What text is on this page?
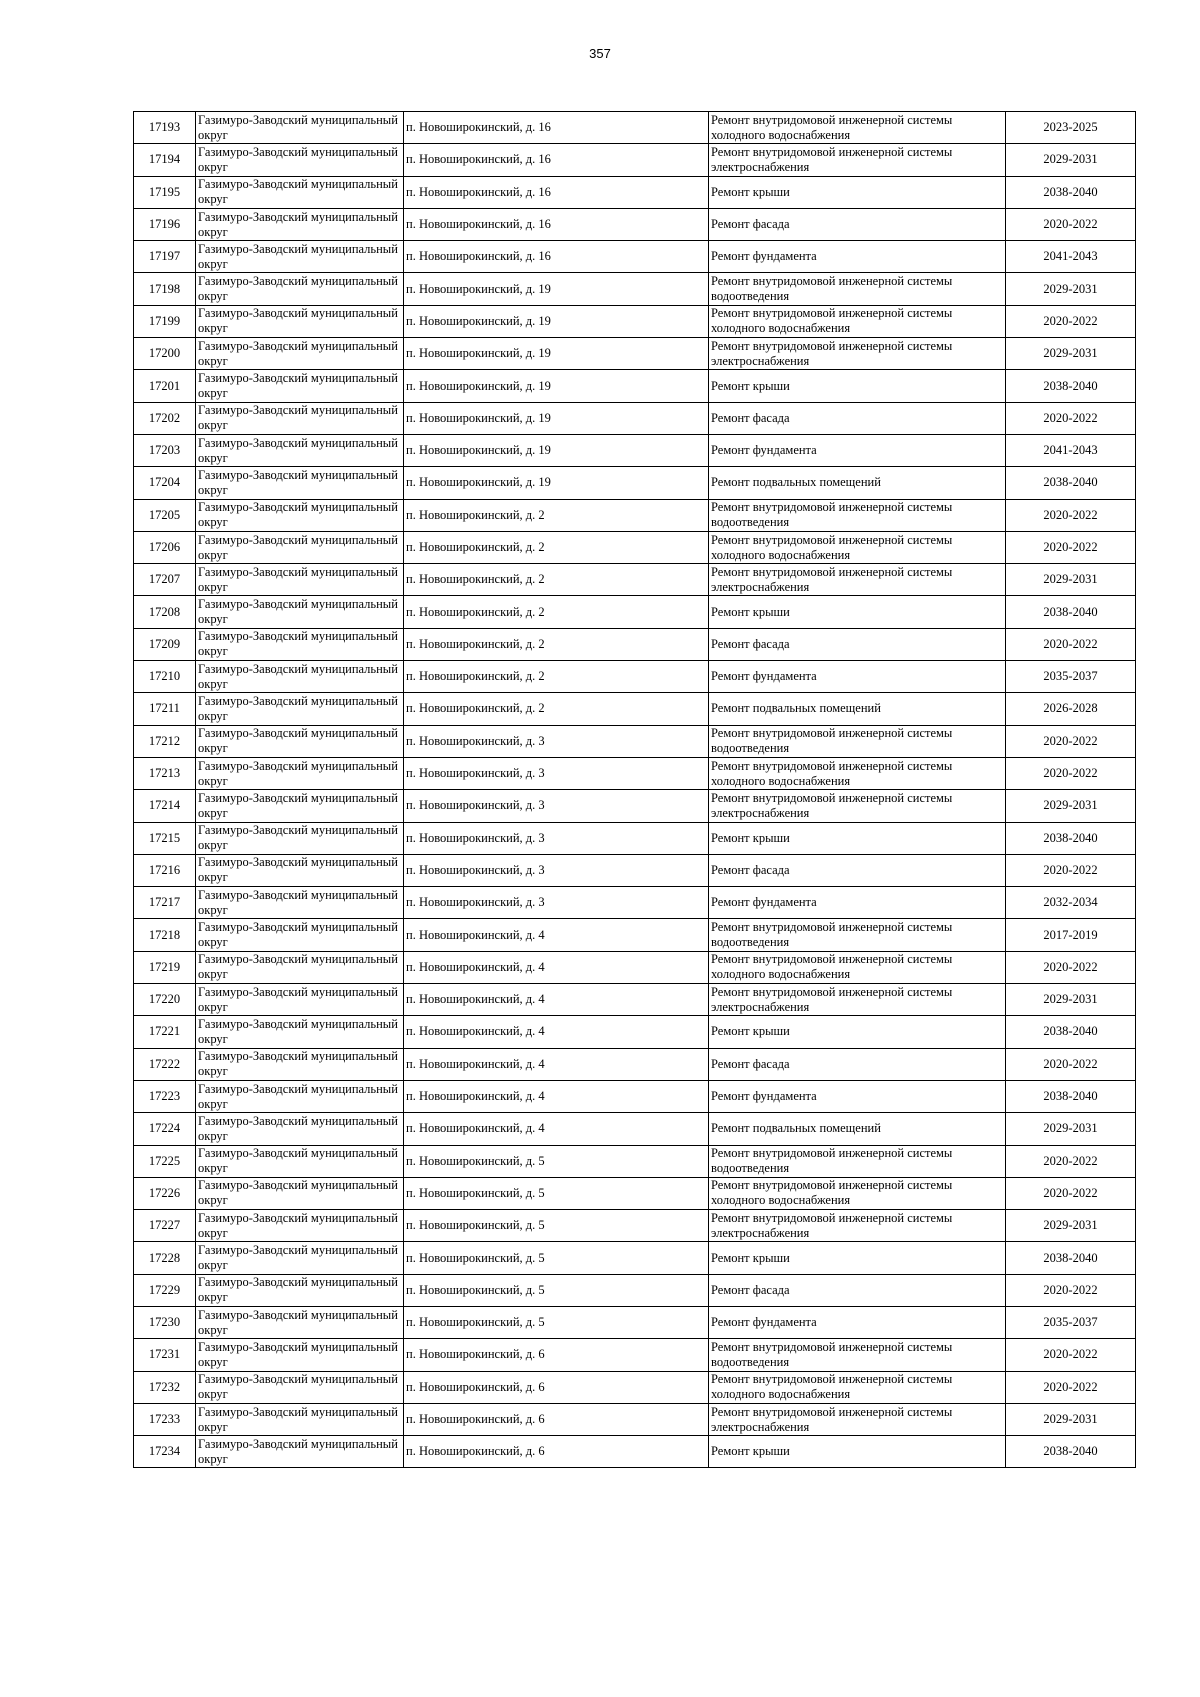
357
17193	Газимуро-Заводский муниципальный округ	п. Новоширокинский, д. 16	Ремонт внутридомовой инженерной системы холодного водоснабжения	2023-2025
17194	Газимуро-Заводский муниципальный округ	п. Новоширокинский, д. 16	Ремонт внутридомовой инженерной системы электроснабжения	2029-2031
17195	Газимуро-Заводский муниципальный округ	п. Новоширокинский, д. 16	Ремонт крыши	2038-2040
17196	Газимуро-Заводский муниципальный округ	п. Новоширокинский, д. 16	Ремонт фасада	2020-2022
17197	Газимуро-Заводский муниципальный округ	п. Новоширокинский, д. 16	Ремонт фундамента	2041-2043
17198	Газимуро-Заводский муниципальный округ	п. Новоширокинский, д. 19	Ремонт внутридомовой инженерной системы водоотведения	2029-2031
17199	Газимуро-Заводский муниципальный округ	п. Новоширокинский, д. 19	Ремонт внутридомовой инженерной системы холодного водоснабжения	2020-2022
17200	Газимуро-Заводский муниципальный округ	п. Новоширокинский, д. 19	Ремонт внутридомовой инженерной системы электроснабжения	2029-2031
17201	Газимуро-Заводский муниципальный округ	п. Новоширокинский, д. 19	Ремонт крыши	2038-2040
17202	Газимуро-Заводский муниципальный округ	п. Новоширокинский, д. 19	Ремонт фасада	2020-2022
17203	Газимуро-Заводский муниципальный округ	п. Новоширокинский, д. 19	Ремонт фундамента	2041-2043
17204	Газимуро-Заводский муниципальный округ	п. Новоширокинский, д. 19	Ремонт подвальных помещений	2038-2040
17205	Газимуро-Заводский муниципальный округ	п. Новоширокинский, д. 2	Ремонт внутридомовой инженерной системы водоотведения	2020-2022
17206	Газимуро-Заводский муниципальный округ	п. Новоширокинский, д. 2	Ремонт внутридомовой инженерной системы холодного водоснабжения	2020-2022
17207	Газимуро-Заводский муниципальный округ	п. Новоширокинский, д. 2	Ремонт внутридомовой инженерной системы электроснабжения	2029-2031
17208	Газимуро-Заводский муниципальный округ	п. Новоширокинский, д. 2	Ремонт крыши	2038-2040
17209	Газимуро-Заводский муниципальный округ	п. Новоширокинский, д. 2	Ремонт фасада	2020-2022
17210	Газимуро-Заводский муниципальный округ	п. Новоширокинский, д. 2	Ремонт фундамента	2035-2037
17211	Газимуро-Заводский муниципальный округ	п. Новоширокинский, д. 2	Ремонт подвальных помещений	2026-2028
17212	Газимуро-Заводский муниципальный округ	п. Новоширокинский, д. 3	Ремонт внутридомовой инженерной системы водоотведения	2020-2022
17213	Газимуро-Заводский муниципальный округ	п. Новоширокинский, д. 3	Ремонт внутридомовой инженерной системы холодного водоснабжения	2020-2022
17214	Газимуро-Заводский муниципальный округ	п. Новоширокинский, д. 3	Ремонт внутридомовой инженерной системы электроснабжения	2029-2031
17215	Газимуро-Заводский муниципальный округ	п. Новоширокинский, д. 3	Ремонт крыши	2038-2040
17216	Газимуро-Заводский муниципальный округ	п. Новоширокинский, д. 3	Ремонт фасада	2020-2022
17217	Газимуро-Заводский муниципальный округ	п. Новоширокинский, д. 3	Ремонт фундамента	2032-2034
17218	Газимуро-Заводский муниципальный округ	п. Новоширокинский, д. 4	Ремонт внутридомовой инженерной системы водоотведения	2017-2019
17219	Газимуро-Заводский муниципальный округ	п. Новоширокинский, д. 4	Ремонт внутридомовой инженерной системы холодного водоснабжения	2020-2022
17220	Газимуро-Заводский муниципальный округ	п. Новоширокинский, д. 4	Ремонт внутридомовой инженерной системы электроснабжения	2029-2031
17221	Газимуро-Заводский муниципальный округ	п. Новоширокинский, д. 4	Ремонт крыши	2038-2040
17222	Газимуро-Заводский муниципальный округ	п. Новоширокинский, д. 4	Ремонт фасада	2020-2022
17223	Газимуро-Заводский муниципальный округ	п. Новоширокинский, д. 4	Ремонт фундамента	2038-2040
17224	Газимуро-Заводский муниципальный округ	п. Новоширокинский, д. 4	Ремонт подвальных помещений	2029-2031
17225	Газимуро-Заводский муниципальный округ	п. Новоширокинский, д. 5	Ремонт внутридомовой инженерной системы водоотведения	2020-2022
17226	Газимуро-Заводский муниципальный округ	п. Новоширокинский, д. 5	Ремонт внутридомовой инженерной системы холодного водоснабжения	2020-2022
17227	Газимуро-Заводский муниципальный округ	п. Новоширокинский, д. 5	Ремонт внутридомовой инженерной системы электроснабжения	2029-2031
17228	Газимуро-Заводский муниципальный округ	п. Новоширокинский, д. 5	Ремонт крыши	2038-2040
17229	Газимуро-Заводский муниципальный округ	п. Новоширокинский, д. 5	Ремонт фасада	2020-2022
17230	Газимуро-Заводский муниципальный округ	п. Новоширокинский, д. 5	Ремонт фундамента	2035-2037
17231	Газимуро-Заводский муниципальный округ	п. Новоширокинский, д. 6	Ремонт внутридомовой инженерной системы водоотведения	2020-2022
17232	Газимуро-Заводский муниципальный округ	п. Новоширокинский, д. 6	Ремонт внутридомовой инженерной системы холодного водоснабжения	2020-2022
17233	Газимуро-Заводский муниципальный округ	п. Новоширокинский, д. 6	Ремонт внутридомовой инженерной системы электроснабжения	2029-2031
17234	Газимуро-Заводский муниципальный округ	п. Новоширокинский, д. 6	Ремонт крыши	2038-2040
